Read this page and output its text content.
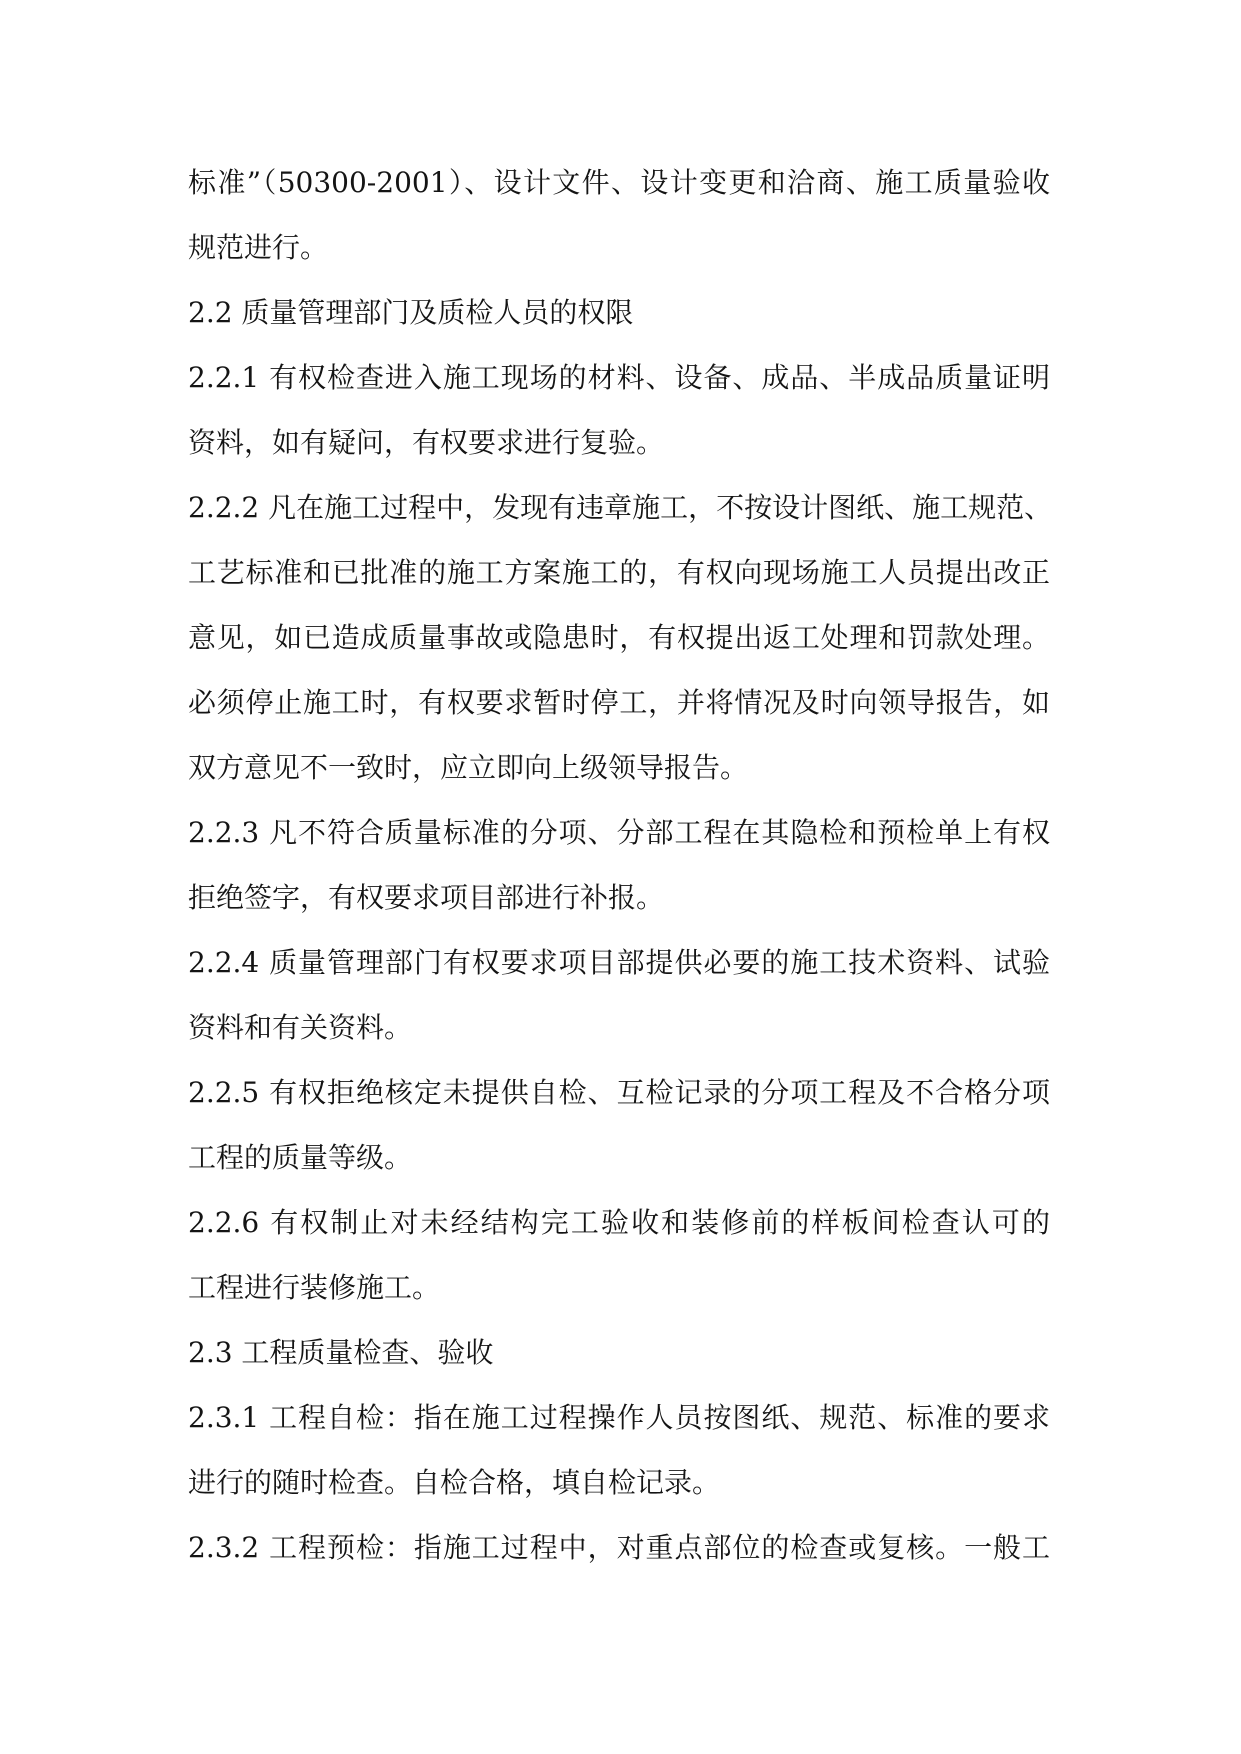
标准”（50300-2001）、设计文件、设计变更和洽商、施工质量验收
规范进行。
2.2 质量管理部门及质检人员的权限
2.2.1 有权检查进入施工现场的材料、设备、成品、半成品质量证明
资料，如有疑问，有权要求进行复验。
2.2.2 凡在施工过程中，发现有违章施工，不按设计图纸、施工规范、
工艺标准和已批准的施工方案施工的，有权向现场施工人员提出改正
意见，如已造成质量事故或隐患时，有权提出返工处理和罚款处理。
必须停止施工时，有权要求暂时停工，并将情况及时向领导报告，如
双方意见不一致时，应立即向上级领导报告。
2.2.3 凡不符合质量标准的分项、分部工程在其隐检和预检单上有权
拒绝签字，有权要求项目部进行补报。
2.2.4 质量管理部门有权要求项目部提供必要的施工技术资料、试验
资料和有关资料。
2.2.5 有权拒绝核定未提供自检、互检记录的分项工程及不合格分项
工程的质量等级。
2.2.6 有权制止对未经结构完工验收和装修前的样板间检查认可的
工程进行装修施工。
2.3 工程质量检查、验收
2.3.1 工程自检：指在施工过程操作人员按图纸、规范、标准的要求
进行的随时检查。自检合格，填自检记录。
2.3.2 工程预检：指施工过程中，对重点部位的检查或复核。一般工
